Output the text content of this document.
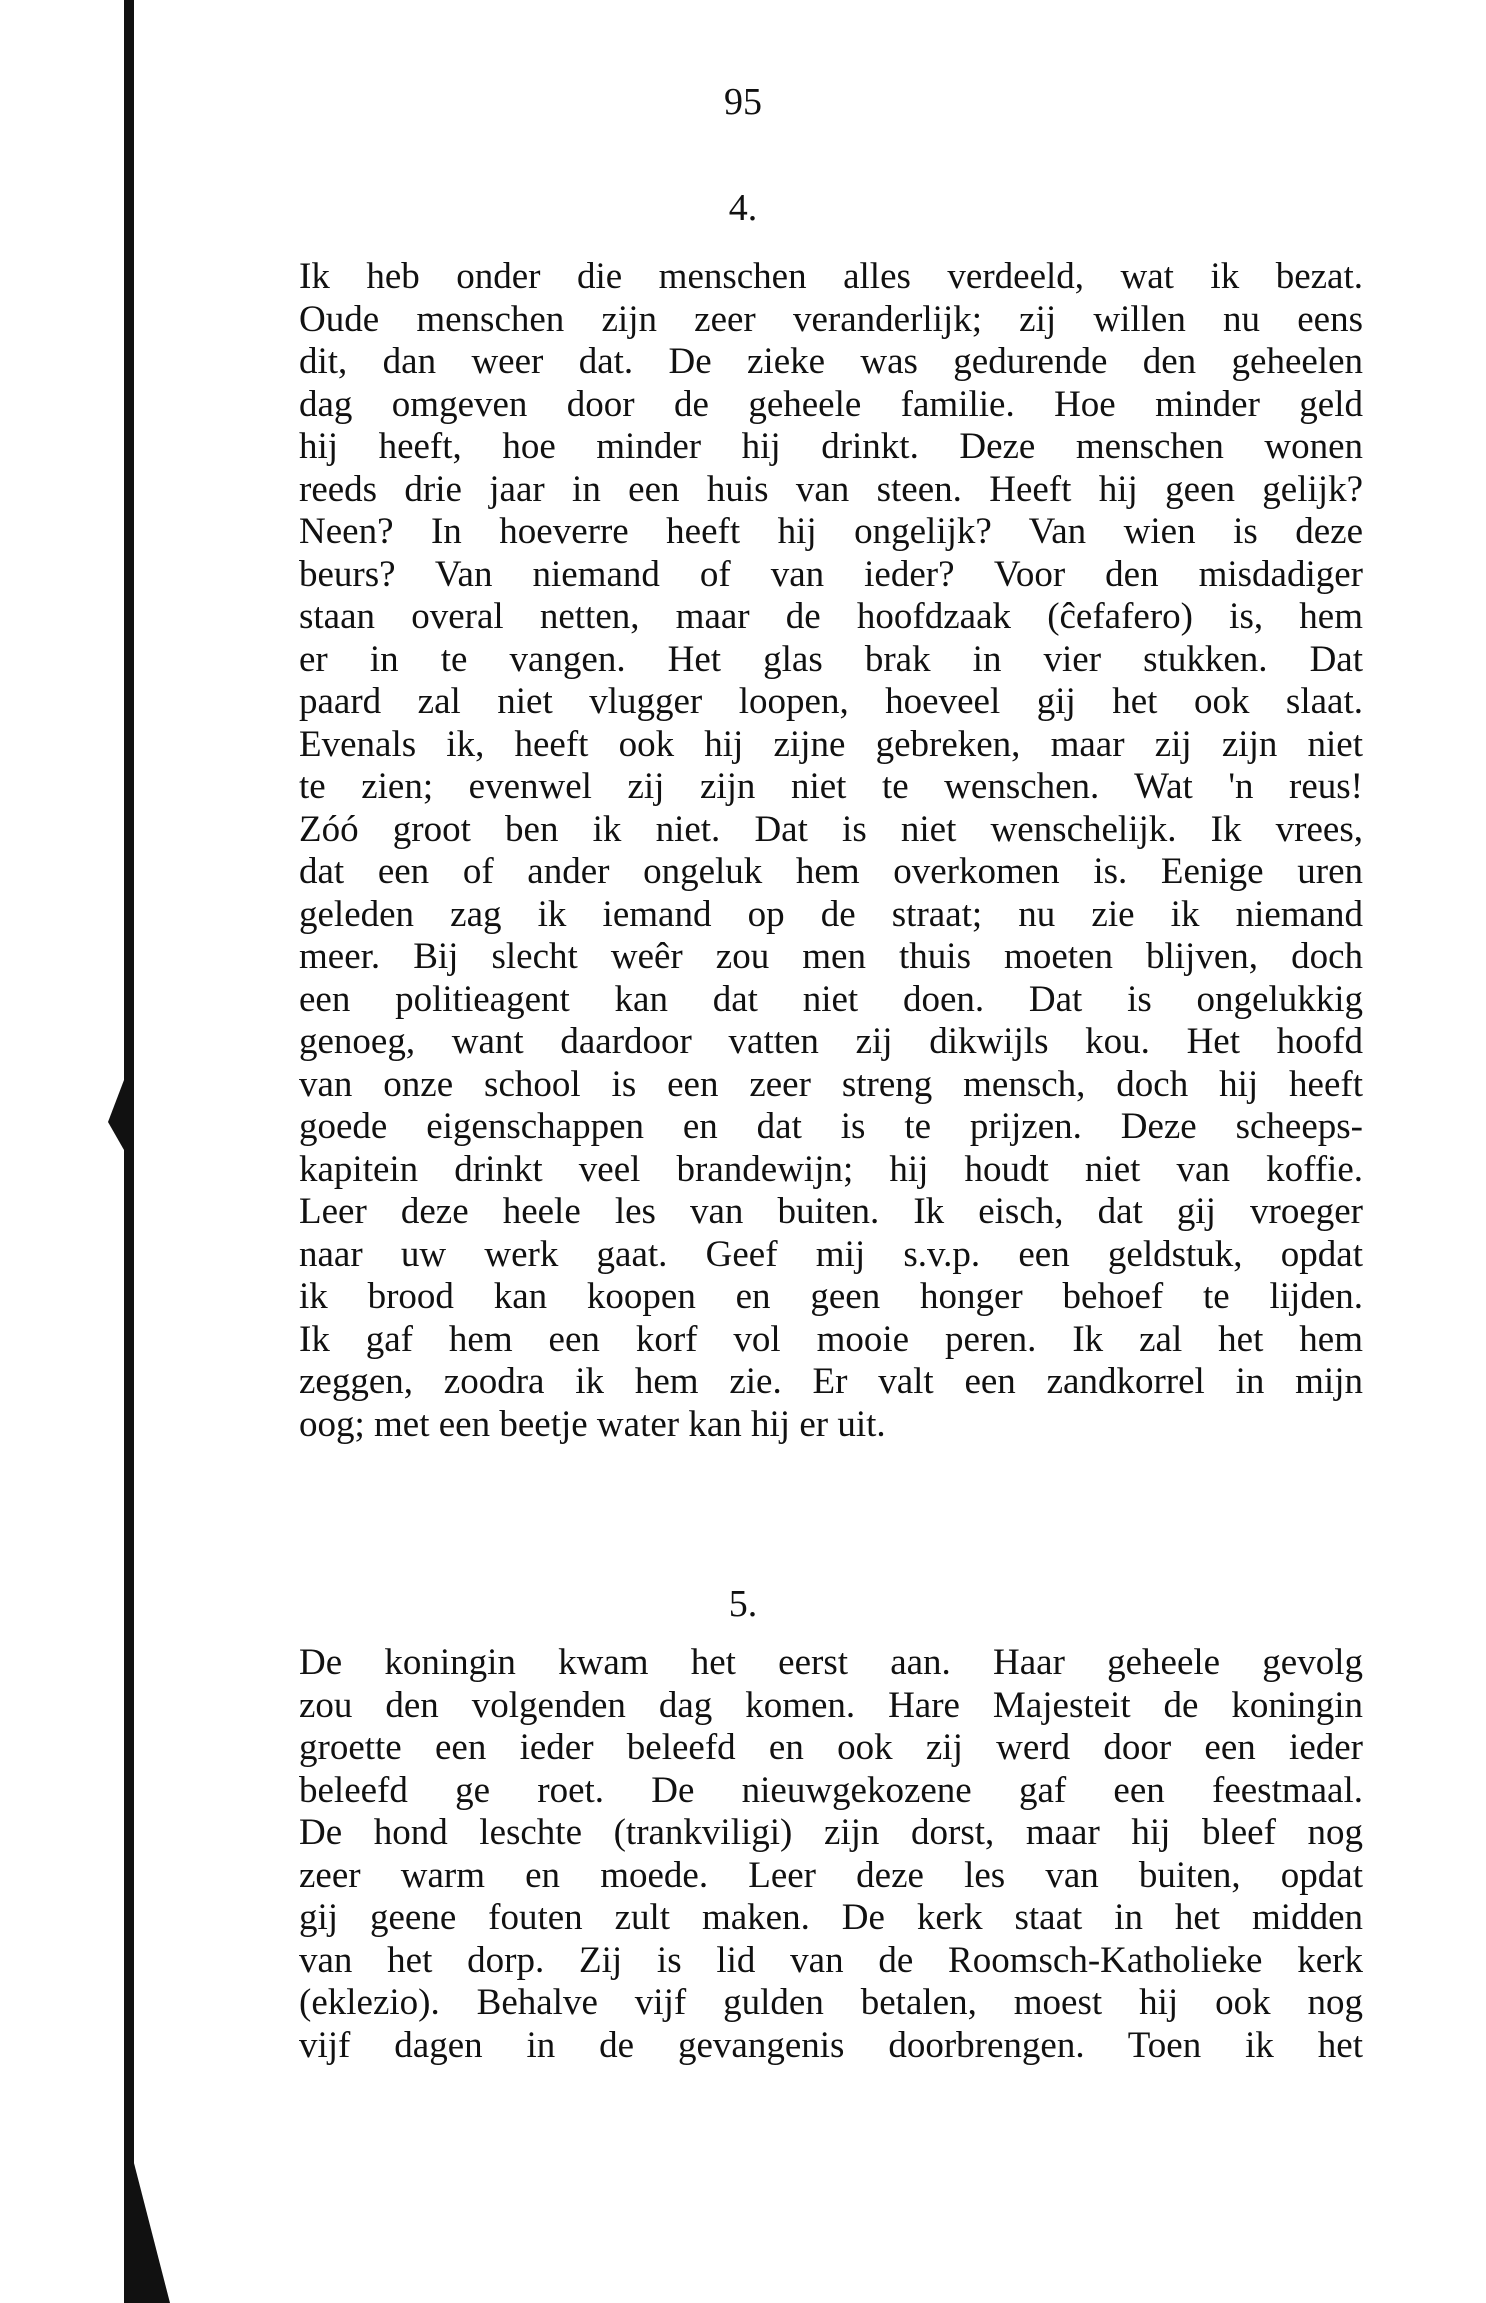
95
4.
Ik heb onder die menschen alles verdeeld, wat ik bezat.
Oude menschen zijn zeer veranderlijk; zij willen nu eens
dit, dan weer dat. De zieke was gedurende den geheelen
dag omgeven door de geheele familie. Hoe minder geld
hij heeft, hoe minder hij drinkt. Deze menschen wonen
reeds drie jaar in een huis van steen. Heeft hij geen gelijk?
Neen? In hoeverre heeft hij ongelijk? Van wien is deze
beurs? Van niemand of van ieder? Voor den misdadiger
staan overal netten, maar de hoofdzaak (ĉefafero) is, hem
er in te vangen. Het glas brak in vier stukken. Dat
paard zal niet vlugger loopen, hoeveel gij het ook slaat.
Evenals ik, heeft ook hij zijne gebreken, maar zij zijn niet
te zien; evenwel zij zijn niet te wenschen. Wat 'n reus!
Zóó groot ben ik niet. Dat is niet wenschelijk. Ik vrees,
dat een of ander ongeluk hem overkomen is. Eenige uren
geleden zag ik iemand op de straat; nu zie ik niemand
meer. Bij slecht weêr zou men thuis moeten blijven, doch
een politieagent kan dat niet doen. Dat is ongelukkig
genoeg, want daardoor vatten zij dikwijls kou. Het hoofd
van onze school is een zeer streng mensch, doch hij heeft
goede eigenschappen en dat is te prijzen. Deze scheeps-
kapitein drinkt veel brandewijn; hij houdt niet van koffie.
Leer deze heele les van buiten. Ik eisch, dat gij vroeger
naar uw werk gaat. Geef mij s.v.p. een geldstuk, opdat
ik brood kan koopen en geen honger behoef te lijden.
Ik gaf hem een korf vol mooie peren. Ik zal het hem
zeggen, zoodra ik hem zie. Er valt een zandkorrel in mijn
oog; met een beetje water kan hij er uit.
5.
De koningin kwam het eerst aan. Haar geheele gevolg
zou den volgenden dag komen. Hare Majesteit de koningin
groette een ieder beleefd en ook zij werd door een ieder
beleefd ge roet. De nieuwgekozene gaf een feestmaal.
De hond leschte (trankviligi) zijn dorst, maar hij bleef nog
zeer warm en moede. Leer deze les van buiten, opdat
gij geene fouten zult maken. De kerk staat in het midden
van het dorp. Zij is lid van de Roomsch-Katholieke kerk
(eklezio). Behalve vijf gulden betalen, moest hij ook nog
vijf dagen in de gevangenis doorbrengen. Toen ik het
